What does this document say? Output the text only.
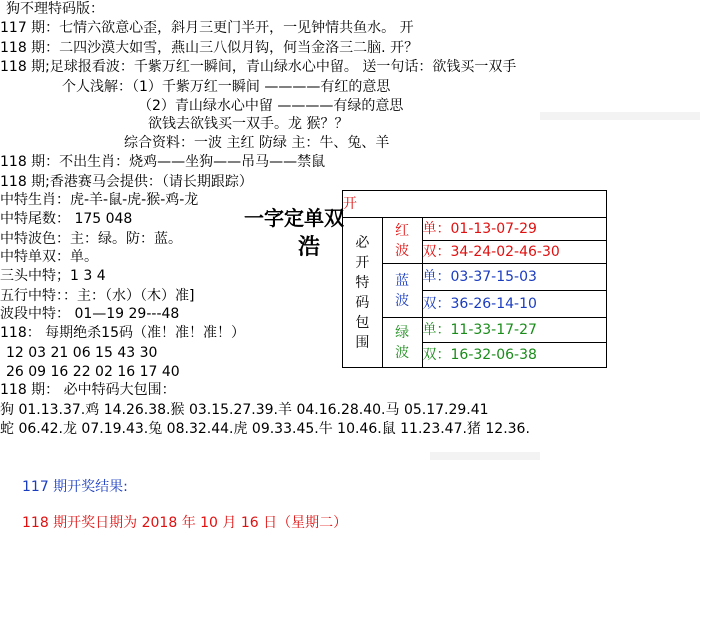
狗不理特码版：
117 期：七情六欲意心歪，斜月三更门半开，一见钟情共鱼水。 开
118 期：二四沙漠大如雪，燕山三八似月钩，何当金洛三二脑. 开？
118 期;足球报看波：千紫万红一瞬间，青山绿水心中留。 送一句话：欲钱买一双手
个人浅解：（1）千紫万红一瞬间 ————有红的意思
（2）青山绿水心中留 ————有绿的意思
欲钱去欲钱买一双手。龙 猴？？
综合资料：一波 主红 防绿 主：牛、兔、羊
118 期：不出生肖：烧鸡——坐狗——吊马——禁鼠
118 期;香港赛马会提供：（请长期跟踪）
中特生肖：虎-羊-鼠-虎-猴-鸡-龙
中特尾数： 175 048
中特波色：主：绿。防：蓝。
中特单双：单。
三头中特；1 3 4
五行中特：：主：（水）（木）准]
波段中特： 01—19 29---48
118： 每期绝杀15码（准！准！准！）
12 03 21 06 15 43 30
26 09 16 22 02 16 17 40
118 期： 必中特码大包围：
狗 01.13.37.鸡 14.26.38.猴 03.15.27.39.羊 04.16.28.40.马 05.17.29.41
蛇 06.42.龙 07.19.43.兔 08.32.44.虎 09.33.45.牛 10.46.鼠 11.23.47.猪 12.36.
117 期开奖结果:
118 期开奖日期为 2018 年 10 月 16 日（星期二）
一字定单双
浩
开		

必开特码包围	红波	单：01-13-07-29
		双：34-24-02-46-30

	蓝波	单：03-37-15-03
		双：36-26-14-10

	绿波	单：11-33-17-27
		双：16-32-06-38
